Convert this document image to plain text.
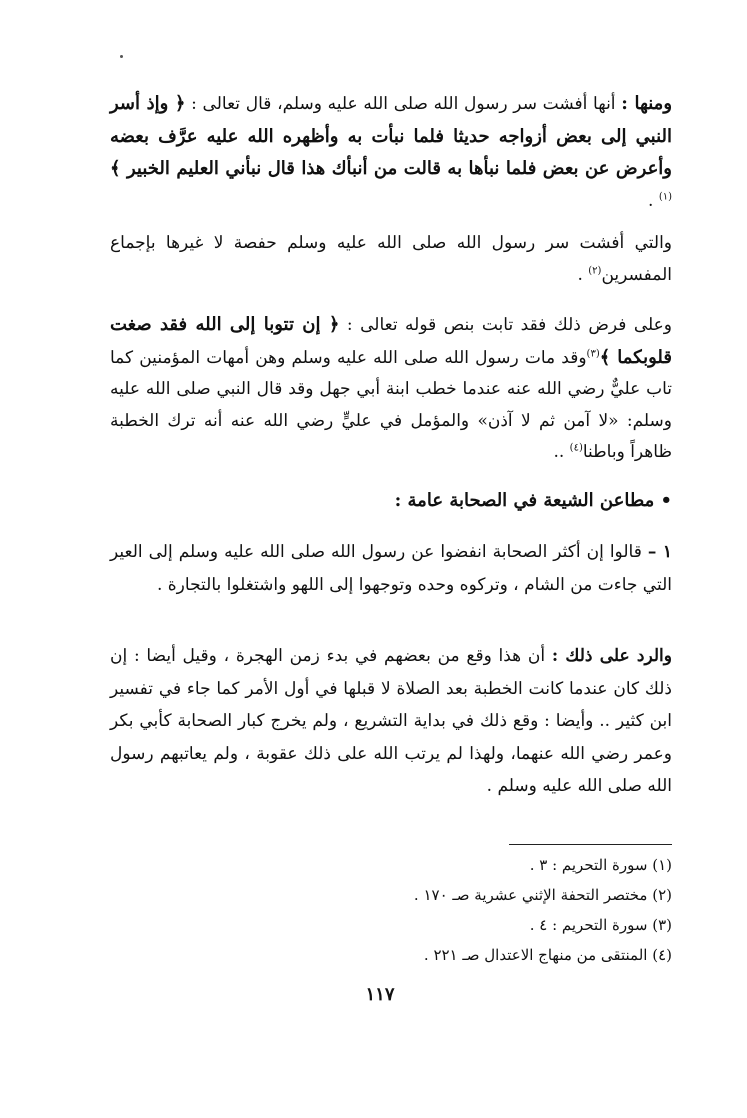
ومنها : أنها أفشت سر رسول الله صلى الله عليه وسلم، قال تعالى : ﴿ وإذ أسر النبي إلى بعض أزواجه حديثا فلما نبأت به وأظهره الله عليه عرَّف بعضه وأعرض عن بعض فلما نبأها به قالت من أنبأك هذا قال نبأني العليم الخبير ﴾$^{(١)}$ .
والتي أفشت سر رسول الله صلى الله عليه وسلم حفصة لا غيرها بإجماع المفسرين$^{(٢)}$ .
وعلى فرض ذلك فقد تابت بنص قوله تعالى : ﴿ إن تتوبا إلى الله فقد صغت قلوبكما ﴾$^{(٣)}$وقد مات رسول الله صلى الله عليه وسلم وهن أمهات المؤمنين كما تاب عليٌّ رضي الله عنه عندما خطب ابنة أبي جهل وقد قال النبي صلى الله عليه وسلم: «لا آمن ثم لا آذن» والمؤمل في عليٍّ رضي الله عنه أنه ترك الخطبة ظاهراً وباطنا$^{(٤)}$ ..
• مطاعن الشيعة في الصحابة عامة :
١ – قالوا إن أكثر الصحابة انفضوا عن رسول الله صلى الله عليه وسلم إلى العير التي جاءت من الشام ، وتركوه وحده وتوجهوا إلى اللهو واشتغلوا بالتجارة .
والرد على ذلك : أن هذا وقع من بعضهم في بدء زمن الهجرة ، وقيل أيضا : إن ذلك كان عندما كانت الخطبة بعد الصلاة لا قبلها في أول الأمر كما جاء في تفسير ابن كثير .. وأيضا : وقع ذلك في بداية التشريع ، ولم يخرج كبار الصحابة كأبي بكر وعمر رضي الله عنهما، ولهذا لم يرتب الله على ذلك عقوبة ، ولم يعاتبهم رسول الله صلى الله عليه وسلم .
(١) سورة التحريم : ٣ .
(٢) مختصر التحفة الإثني عشرية صـ ١٧٠ .
(٣) سورة التحريم : ٤ .
(٤) المنتقى من منهاج الاعتدال صـ ٢٢١ .
١١٧
